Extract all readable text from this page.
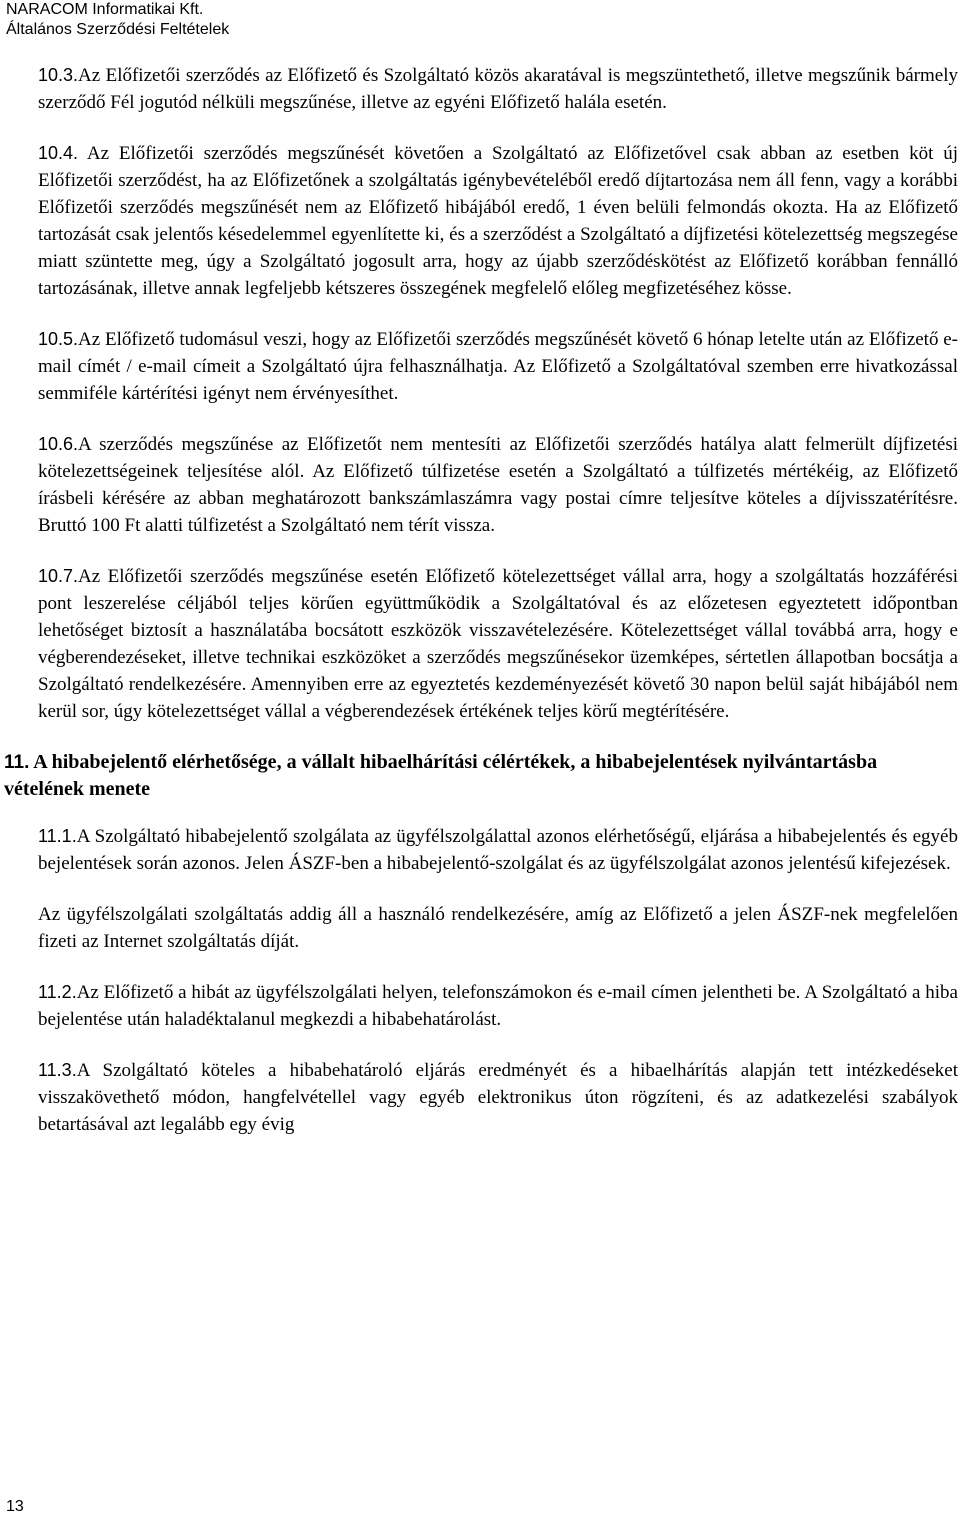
NARACOM Informatikai Kft.
Általános Szerződési Feltételek

10.3.Az Előfizetői szerződés az Előfizető és Szolgáltató közös akaratával is megszüntethető, illetve megszűnik bármely szerződő Fél jogutód nélküli megszűnése, illetve az egyéni Előfizető halála esetén.

10.4. Az Előfizetői szerződés megszűnését követően a Szolgáltató az Előfizetővel csak abban az esetben köt új Előfizetői szerződést, ha az Előfizetőnek a szolgáltatás igénybevételéből eredő díjtartozása nem áll fenn, vagy a korábbi Előfizetői szerződés megszűnését nem az Előfizető hibájából eredő, 1 éven belüli felmondás okozta. Ha az Előfizető tartozását csak jelentős késedelemmel egyenlítette ki, és a szerződést a Szolgáltató a díjfizetési kötelezettség megszegése miatt szüntette meg, úgy a Szolgáltató jogosult arra, hogy az újabb szerződéskötést az Előfizető korábban fennálló tartozásának, illetve annak legfeljebb kétszeres összegének megfelelő előleg megfizetéséhez kösse.

10.5.Az Előfizető tudomásul veszi, hogy az Előfizetői szerződés megszűnését követő 6 hónap letelte után az Előfizető e-mail címét / e-mail címeit a Szolgáltató újra felhasználhatja. Az Előfizető a Szolgáltatóval szemben erre hivatkozással semmiféle kártérítési igényt nem érvényesíthet.

10.6.A szerződés megszűnése az Előfizetőt nem mentesíti az Előfizetői szerződés hatálya alatt felmerült díjfizetési kötelezettségeinek teljesítése alól. Az Előfizető túlfizetése esetén a Szolgáltató a túlfizetés mértékéig, az Előfizető írásbeli kérésére az abban meghatározott bankszámlaszámra vagy postai címre teljesítve köteles a díjvisszatérítésre. Bruttó 100 Ft alatti túlfizetést a Szolgáltató nem térít vissza.

10.7.Az Előfizetői szerződés megszűnése esetén Előfizető kötelezettséget vállal arra, hogy a szolgáltatás hozzáférési pont leszerelése céljából teljes körűen együttműködik a Szolgáltatóval és az előzetesen egyeztetett időpontban lehetőséget biztosít a használatába bocsátott eszközök visszavételezésére. Kötelezettséget vállal továbbá arra, hogy e végberendezéseket, illetve technikai eszközöket a szerződés megszűnésekor üzemképes, sértetlen állapotban bocsátja a Szolgáltató rendelkezésére. Amennyiben erre az egyeztetés kezdeményezését követő 30 napon belül saját hibájából nem kerül sor, úgy kötelezettséget vállal a végberendezések értékének teljes körű megtérítésére.

11. A hibabejelentő elérhetősége, a vállalt hibaelhárítási célértékek, a hibabejelentések nyilvántartásba vételének menete

11.1.A Szolgáltató hibabejelentő szolgálata az ügyfélszolgálattal azonos elérhetőségű, eljárása a hibabejelentés és egyéb bejelentések során azonos. Jelen ÁSZF-ben a hibabejelentő-szolgálat és az ügyfélszolgálat azonos jelentésű kifejezések.

Az ügyfélszolgálati szolgáltatás addig áll a használó rendelkezésére, amíg az Előfizető a jelen ÁSZF-nek megfelelően fizeti az Internet szolgáltatás díját.

11.2.Az Előfizető a hibát az ügyfélszolgálati helyen, telefonszámokon és e-mail címen jelentheti be. A Szolgáltató a hiba bejelentése után haladéktalanul megkezdi a hibabehatárolást.

11.3.A Szolgáltató köteles a hibabehatároló eljárás eredményét és a hibaelhárítás alapján tett intézkedéseket visszakövethető módon, hangfelvétellel vagy egyéb elektronikus úton rögzíteni, és az adatkezelési szabályok betartásával azt legalább egy évig

13
